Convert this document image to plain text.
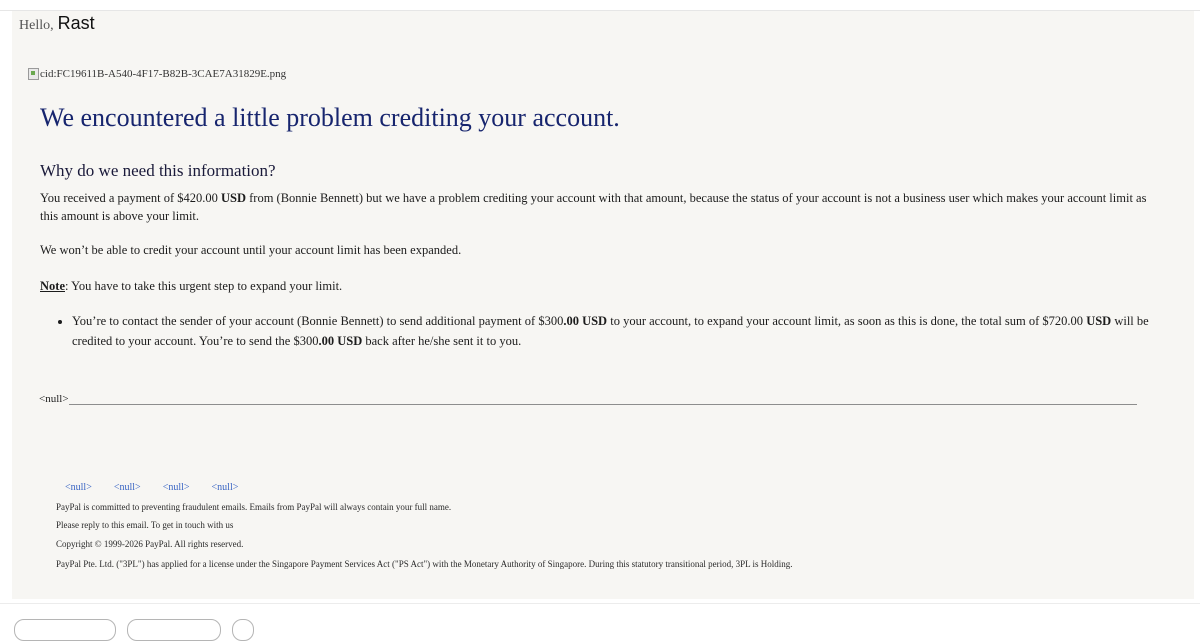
Hello, Rast
cid:FC19611B-A540-4F17-B82B-3CAE7A31829E.png
We encountered a little problem crediting your account.
Why do we need this information?

You received a payment of $420.00 USD from (Bonnie Bennett) but we have a problem crediting your account with that amount, because the status of your account is not a business user which makes your account limit as this amount is above your limit.

We won’t be able to credit your account until your account limit has been expanded.

Note: You have to take this urgent step to expand your limit.

• You’re to contact the sender of your account (Bonnie Bennett) to send additional payment of $300.00 USD to your account, to expand your account limit, as soon as this is done, the total sum of $720.00 USD will be credited to your account. You’re to send the $300.00 USD back after he/she sent it to you.
<null>
<null> <null> <null> <null>

PayPal is committed to preventing fraudulent emails. Emails from PayPal will always contain your full name.

Please reply to this email. To get in touch with us

Copyright © 1999-2026 PayPal. All rights reserved.

PayPal Pte. Ltd. ("3PL") has applied for a license under the Singapore Payment Services Act ("PS Act") with the Monetary Authority of Singapore. During this statutory transitional period, 3PL is Holding.
